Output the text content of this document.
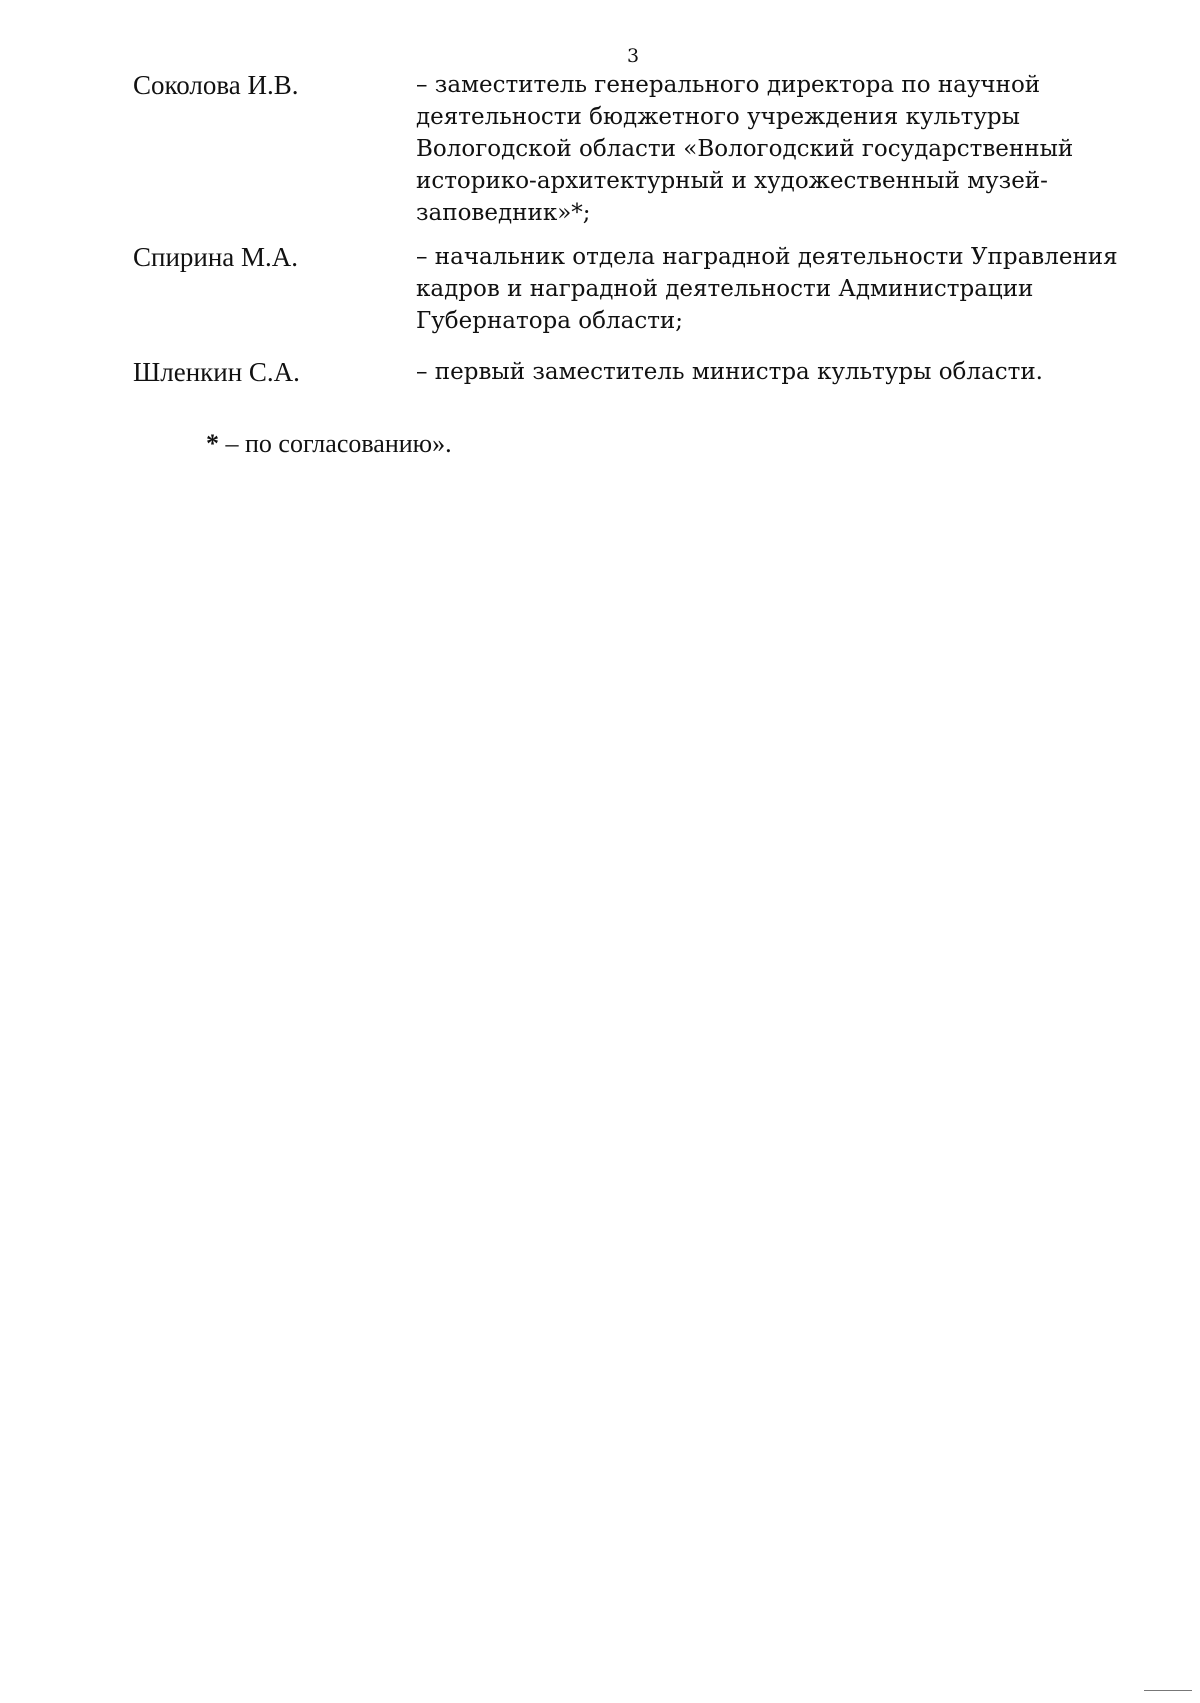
3
Соколова И.В.	– заместитель генерального директора по научной
деятельности бюджетного учреждения культуры
Вологодской области «Вологодский государственный
историко-архитектурный и художественный музей-
заповедник»*;
Спирина М.А.	– начальник отдела наградной деятельности Управления
кадров и наградной деятельности Администрации
Губернатора области;
Шленкин С.А.	– первый заместитель министра культуры области.
* – по согласованию».
